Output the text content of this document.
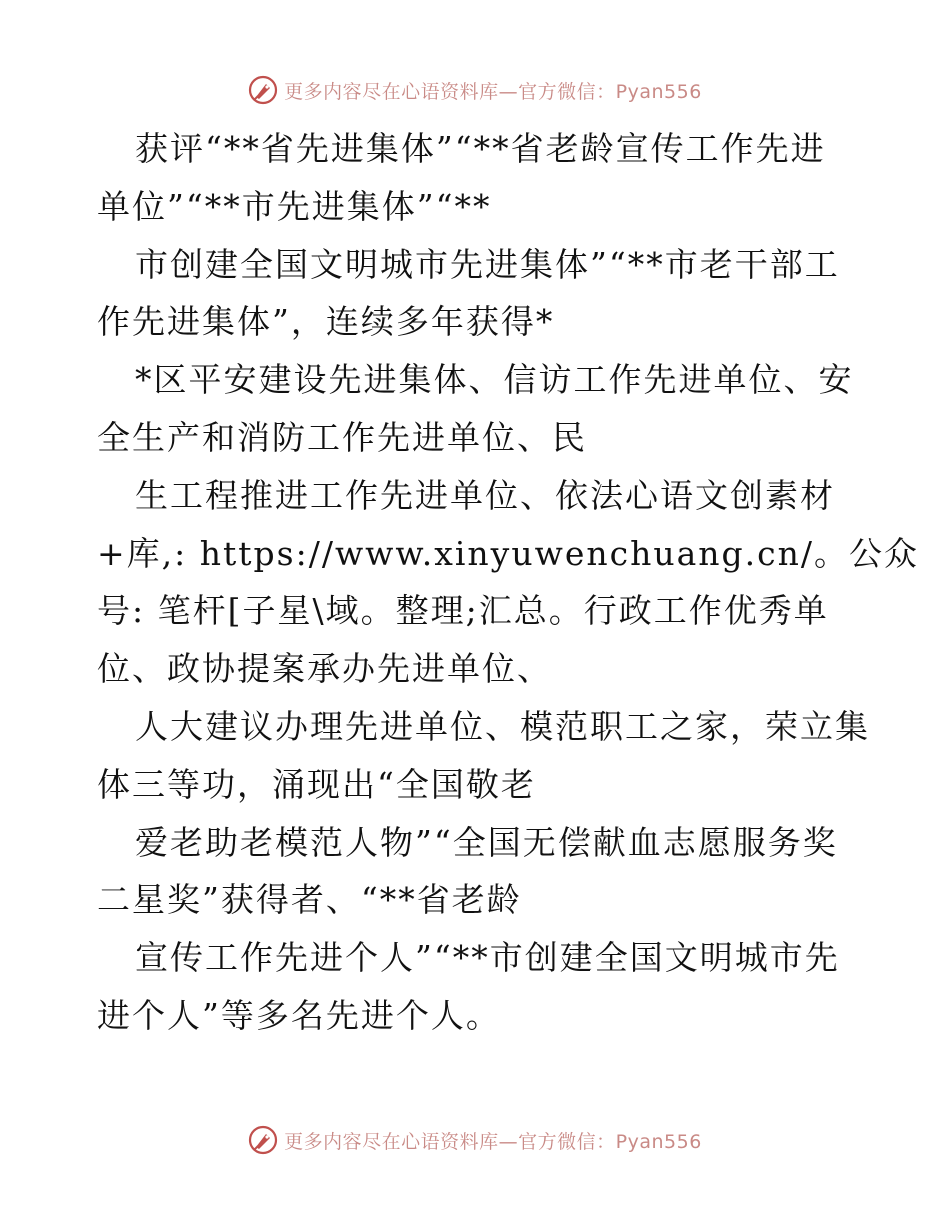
更多内容尽在心语资料库—官方微信：Pyan556
获评“**省先进集体”“**省老龄宣传工作先进
单位”“**市先进集体”“**
市创建全国文明城市先进集体”“**市老干部工
作先进集体”，连续多年获得*
*区平安建设先进集体、信访工作先进单位、安
全生产和消防工作先进单位、民
生工程推进工作先进单位、依法心语文创素材
+库,: https://www.xinyuwenchuang.cn/。公众
号: 笔杆[子星\域。整理;汇总。行政工作优秀单
位、政协提案承办先进单位、
人大建议办理先进单位、模范职工之家，荣立集
体三等功，涌现出“全国敬老
爱老助老模范人物”“全国无偿献血志愿服务奖
二星奖”获得者、“**省老龄
宣传工作先进个人”“**市创建全国文明城市先
进个人”等多名先进个人。
更多内容尽在心语资料库—官方微信：Pyan556
